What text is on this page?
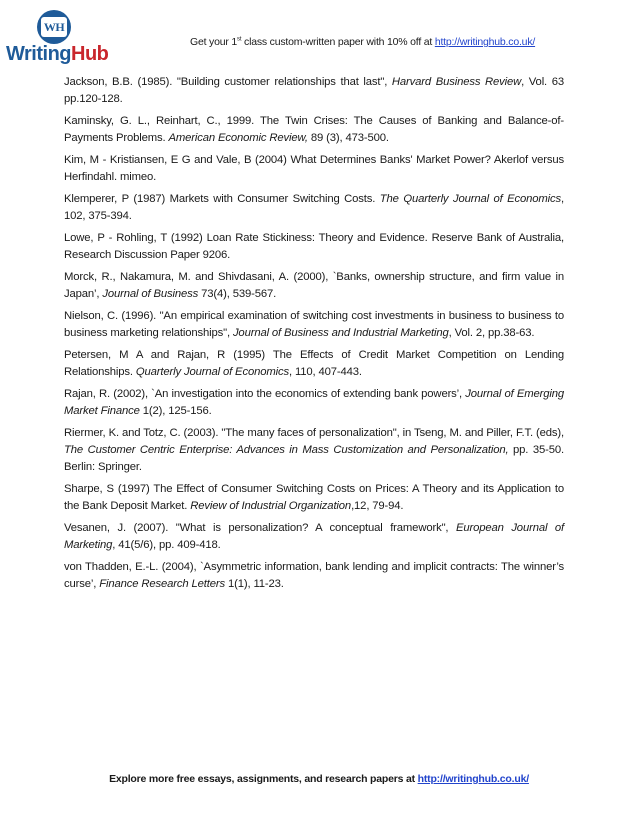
WH
WritingHub
Get your 1st class custom-written paper with 10% off at http://writinghub.co.uk/

Jackson, B.B. (1985). "Building customer relationships that last", Harvard Business Review, Vol. 63 pp.120-128.

Kaminsky, G. L., Reinhart, C., 1999. The Twin Crises: The Causes of Banking and Balance-of-Payments Problems. American Economic Review, 89 (3), 473-500.

Kim, M - Kristiansen, E G and Vale, B (2004) What Determines Banks' Market Power? Akerlof versus Herfindahl. mimeo.

Klemperer, P (1987) Markets with Consumer Switching Costs. The Quarterly Journal of Economics, 102, 375-394.

Lowe, P - Rohling, T (1992) Loan Rate Stickiness: Theory and Evidence. Reserve Bank of Australia, Research Discussion Paper 9206.

Morck, R., Nakamura, M. and Shivdasani, A. (2000), `Banks, ownership structure, and firm value in Japan’, Journal of Business 73(4), 539-567.

Nielson, C. (1996). "An empirical examination of switching cost investments in business to business to business marketing relationships", Journal of Business and Industrial Marketing, Vol. 2, pp.38-63.

Petersen, M A and Rajan, R (1995) The Effects of Credit Market Competition on Lending Relationships. Quarterly Journal of Economics, 110, 407-443.

Rajan, R. (2002), `An investigation into the economics of extending bank powers’, Journal of Emerging Market Finance 1(2), 125-156.

Riermer, K. and Totz, C. (2003). "The many faces of personalization", in Tseng, M. and Piller, F.T. (eds), The Customer Centric Enterprise: Advances in Mass Customization and Personalization, pp. 35-50. Berlin: Springer.

Sharpe, S (1997) The Effect of Consumer Switching Costs on Prices: A Theory and its Application to the Bank Deposit Market. Review of Industrial Organization,12, 79-94.

Vesanen, J. (2007). "What is personalization? A conceptual framework", European Journal of Marketing, 41(5/6), pp. 409-418.

von Thadden, E.-L. (2004), `Asymmetric information, bank lending and implicit contracts: The winner’s curse’, Finance Research Letters 1(1), 11-23.

Explore more free essays, assignments, and research papers at http://writinghub.co.uk/
